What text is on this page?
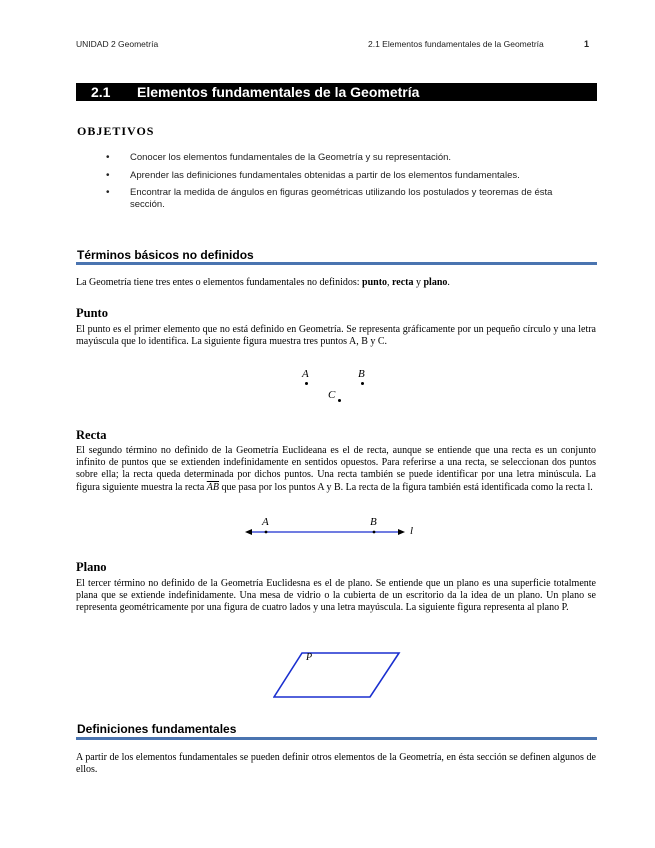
UNIDAD 2 Geometría	2.1 Elementos fundamentales de la Geometría	1
2.1	Elementos fundamentales de la Geometría
OBJETIVOS
• Conocer los elementos fundamentales de la Geometría y su representación.
• Aprender las definiciones fundamentales obtenidas a partir de los elementos fundamentales.
• Encontrar la medida de ángulos en figuras geométricas utilizando los postulados y teoremas de ésta sección.
Términos básicos no definidos
La Geometría tiene tres entes o elementos fundamentales no definidos: punto, recta y plano.
Punto
El punto es el primer elemento que no está definido en Geometría. Se representa gráficamente por un pequeño círculo y una letra mayúscula que lo identifica. La siguiente figura muestra tres puntos A, B y C.
A	B
C
Recta
El segundo término no definido de la Geometría Euclideana es el de recta, aunque se entiende que una recta es un conjunto infinito de puntos que se extienden indefinidamente en sentidos opuestos. Para referirse a una recta, se seleccionan dos puntos sobre ella; la recta queda determinada por dichos puntos. Una recta también se puede identificar por una letra minúscula. La figura siguiente muestra la recta $\overline{AB}$ que pasa por los puntos A y B. La recta de la figura también está identificada como la recta l.
A	B
l
Plano
El tercer término no definido de la Geometría Euclidesna es el de plano. Se entiende que un plano es una superficie totalmente plana que se extiende indefinidamente. Una mesa de vidrio o la cubierta de un escritorio da la idea de un plano. Un plano se representa geométricamente por una figura de cuatro lados y una letra mayúscula. La siguiente figura representa al plano P.
P
Definiciones fundamentales
A partir de los elementos fundamentales se pueden definir otros elementos de la Geometría, en ésta sección se definen algunos de ellos.
